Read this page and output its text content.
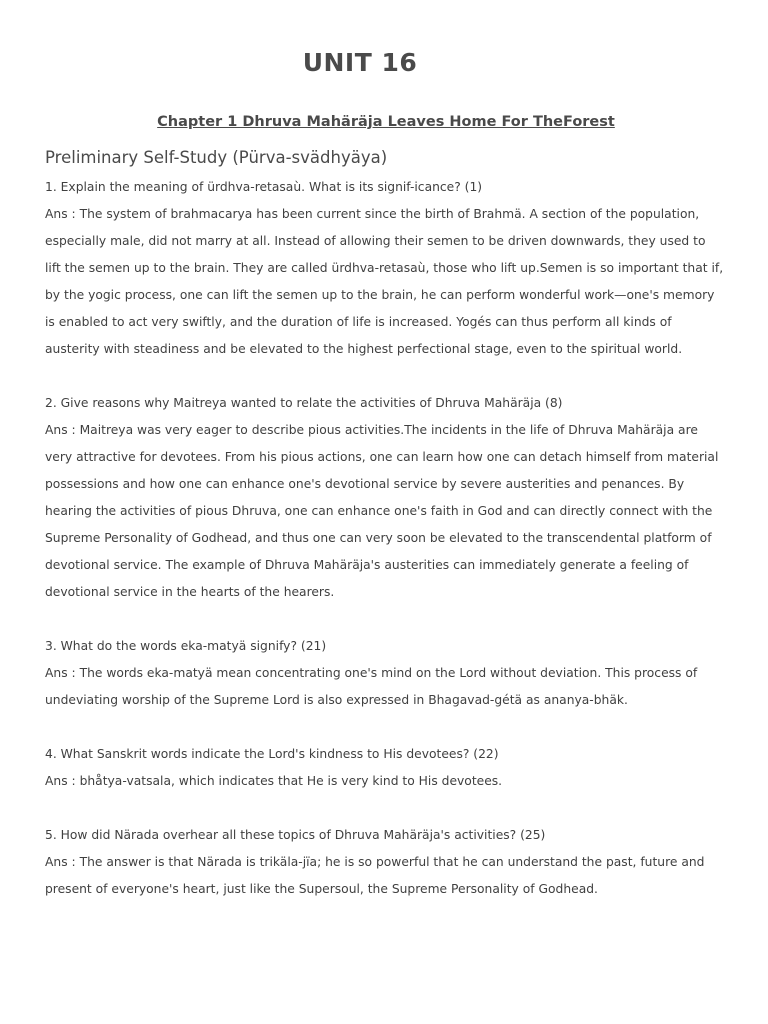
UNIT 16
Chapter 1 Dhruva Mahäräja Leaves Home For TheForest
Preliminary Self-Study (Pürva-svädhyäya)
1. Explain the meaning of ürdhva-retasaù. What is its signif-icance? (1)
Ans : The system of brahmacarya has been current since the birth of Brahmä. A section of the population, especially male, did not marry at all. Instead of allowing their semen to be driven downwards, they used to lift the semen up to the brain. They are called ürdhva-retasaù, those who lift up.Semen is so important that if, by the yogic process, one can lift the semen up to the brain, he can perform wonderful work—one's memory is enabled to act very swiftly, and the duration of life is increased. Yogés can thus perform all kinds of austerity with steadiness and be elevated to the highest perfectional stage, even to the spiritual world.
2. Give reasons why Maitreya wanted to relate the activities of Dhruva Mahäräja (8)
Ans : Maitreya was very eager to describe pious activities.The incidents in the life of Dhruva Mahäräja are very attractive for devotees. From his pious actions, one can learn how one can detach himself from material possessions and how one can enhance one's devotional service by severe austerities and penances. By hearing the activities of pious Dhruva, one can enhance one's faith in God and can directly connect with the Supreme Personality of Godhead, and thus one can very soon be elevated to the transcendental platform of devotional service. The example of Dhruva Mahäräja's austerities can immediately generate a feeling of devotional service in the hearts of the hearers.
3. What do the words eka-matyä signify? (21)
Ans : The words eka-matyä mean concentrating one's mind on the Lord without deviation. This process of undeviating worship of the Supreme Lord is also expressed in Bhagavad-gétä as ananya-bhäk.
4. What Sanskrit words indicate the Lord's kindness to His devotees? (22)
Ans : bhåtya-vatsala, which indicates that He is very kind to His devotees.
5. How did Närada overhear all these topics of Dhruva Mahäräja's activities? (25)
Ans : The answer is that Närada is trikäla-jïa; he is so powerful that he can understand the past, future and present of everyone's heart, just like the Supersoul, the Supreme Personality of Godhead.
